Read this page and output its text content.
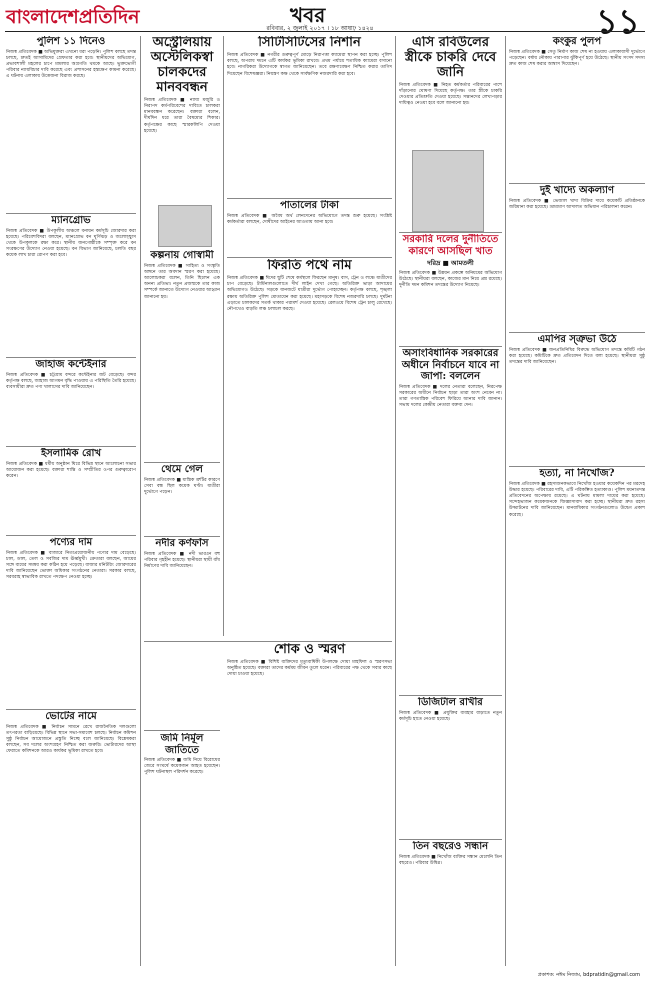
বাংলাদেশপ্রতিদিন	খবর
রবিবার, ২ জুলাই ২০১৭ । ১৮ আষাঢ় ১৪২৪	১১
পুলিশ ১১ দিনেও
নিজস্ব প্রতিবেদক ■ অভিযুক্তরা এখনো ধরা পড়েনি। পুলিশ বলছে তদন্ত চলছে, দ্রুতই আসামিদের গ্রেফতার করা হবে। স্থানীয়দের অভিযোগ, প্রভাবশালী মহলের চাপে মামলার অগ্রগতি থমকে আছে। ভুক্তভোগী পরিবার ন্যায়বিচার দাবি করেছে এবং প্রশাসনের হস্তক্ষেপ কামনা করেছে। এ ঘটনায় এলাকায় উত্তেজনা বিরাজ করছে।
ম্যানগ্রোভ
নিজস্ব প্রতিবেদক ■ উপকূলীয় অঞ্চলে বনায়ন কর্মসূচি জোরদার করা হয়েছে। পরিবেশবিদরা বলছেন, ম্যানগ্রোভ বন ঘূর্ণিঝড় ও জলোচ্ছ্বাস থেকে উপকূলকে রক্ষা করে। স্থানীয় জনগোষ্ঠীকে সম্পৃক্ত করে বন সংরক্ষণের উদ্যোগ নেওয়া হয়েছে। বন বিভাগ জানিয়েছে, চলতি বছর কয়েক লাখ চারা রোপণ করা হবে।
জাহাজ কন্টেইনার
নিজস্ব প্রতিবেদক ■ চট্টগ্রাম বন্দরে কন্টেইনার জট বেড়েছে। বন্দর কর্তৃপক্ষ বলছে, জাহাজ আগমন বৃদ্ধি পাওয়ায় এ পরিস্থিতি তৈরি হয়েছে। ব্যবসায়ীরা দ্রুত পণ্য খালাসের দাবি জানিয়েছেন।
ইসলামিক রোখ
নিজস্ব প্রতিবেদক ■ ধর্মীয় অনুষ্ঠান ঘিরে বিভিন্ন স্থানে আলোচনা সভার আয়োজন করা হয়েছে। বক্তারা শান্তি ও সম্প্রীতির ওপর গুরুত্বারোপ করেন।
পণ্যের দাম
নিজস্ব প্রতিবেদক ■ বাজারে নিত্যপ্রয়োজনীয় পণ্যের দাম বেড়েছে। চাল, ডাল, তেল ও সবজির দাম ঊর্ধ্বমুখী। ক্রেতারা বলছেন, আয়ের সঙ্গে ব্যয়ের সমন্বয় করা কঠিন হয়ে পড়েছে। বাজার মনিটরিং জোরদারের দাবি জানিয়েছেন ভোক্তা অধিকার সংগঠনের নেতারা। সরকার বলছে, সরবরাহ স্বাভাবিক রাখতে পদক্ষেপ নেওয়া হচ্ছে।
ভোটের নামে
নিজস্ব প্রতিবেদক ■ নির্বাচন সামনে রেখে রাজনৈতিক দলগুলো তৎপরতা বাড়িয়েছে। বিভিন্ন স্থানে সভা-সমাবেশ চলছে। নির্বাচন কমিশন সুষ্ঠু নির্বাচন আয়োজনে প্রস্তুতি নিচ্ছে বলে জানিয়েছে। বিশ্লেষকরা বলছেন, সব দলের অংশগ্রহণ নিশ্চিত করা জরুরি। ভোটারদের আস্থা ফেরাতে কমিশনকে আরও কার্যকর ভূমিকা রাখতে হবে।
অস্ট্রেলিয়ায় অস্টেলিকস্বা চালকদের মানববন্ধন
নিজস্ব প্রতিবেদক ■ ন্যায্য মজুরি ও নিরাপদ কর্মপরিবেশের দাবিতে চালকরা মানববন্ধন করেছেন। বক্তারা বলেন, দীর্ঘদিন ধরে তারা বৈষম্যের শিকার। কর্তৃপক্ষের কাছে স্মারকলিপি দেওয়া হয়েছে।
কল্পনায় গোস্বামী
নিজস্ব প্রতিবেদক ■ সাহিত্য ও সংস্কৃতি অঙ্গনে তার অবদান স্মরণ করা হয়েছে। আলোচকরা বলেন, তিনি ছিলেন এক অনন্য প্রতিভা। নতুন প্রজন্মকে তার কাজ সম্পর্কে জানাতে উদ্যোগ নেওয়ার আহ্বান জানানো হয়।
থেমে গেল
নিজস্ব প্রতিবেদক ■ যান্ত্রিক ত্রুটির কারণে সেবা বন্ধ ছিল কয়েক ঘণ্টা। যাত্রীরা দুর্ভোগে পড়েন।
নদীর কর্ণফাঁস
নিজস্ব প্রতিবেদক ■ নদী ভাঙনে বহু পরিবার গৃহহীন হয়েছে। স্থানীয়রা স্থায়ী বাঁধ নির্মাণের দাবি জানিয়েছেন।
জমি নির্মূল জাতিতে
নিজস্ব প্রতিবেদক ■ জমি নিয়ে বিরোধের জেরে সংঘর্ষে কয়েকজন আহত হয়েছেন। পুলিশ ঘটনাস্থল পরিদর্শন করেছে।
সিটিসিটিসের নিশান
নিজস্ব প্রতিবেদক ■ নগরীর গুরুত্বপূর্ণ মোড়ে নিরাপত্তা ক্যামেরা স্থাপন করা হচ্ছে। পুলিশ বলছে, অপরাধ দমনে এটি কার্যকর ভূমিকা রাখবে। প্রথম পর্যায়ে শতাধিক ক্যামেরা বসানো হবে। নাগরিকরা উদ্যোগকে স্বাগত জানিয়েছেন। তবে রক্ষণাবেক্ষণ নিশ্চিত করার তাগিদ দিয়েছেন বিশেষজ্ঞরা। নিয়ন্ত্রণ কক্ষ থেকে সার্বক্ষণিক নজরদারি করা হবে।
পাতালের টাকা
নিজস্ব প্রতিবেদক ■ অবৈধ অর্থ লেনদেনের অভিযোগে তদন্ত শুরু হয়েছে। সংশ্লিষ্ট কর্মকর্তারা বলছেন, দোষীদের আইনের আওতায় আনা হবে।
ফিরতি পথে নাম
নিজস্ব প্রতিবেদক ■ ঈদের ছুটি শেষে কর্মস্থলে ফিরছেন মানুষ। বাস, ট্রেন ও লঞ্চে যাত্রীদের চাপ বেড়েছে। টার্মিনালগুলোতে দীর্ঘ লাইন দেখা গেছে। অতিরিক্ত ভাড়া আদায়ের অভিযোগও উঠেছে। সড়কে যানজটে যাত্রীরা দুর্ভোগ পোহাচ্ছেন। কর্তৃপক্ষ বলছে, শৃঙ্খলা রক্ষায় অতিরিক্ত পুলিশ মোতায়েন করা হয়েছে। মহাসড়কে বিশেষ নজরদারি চলছে। দুর্ঘটনা এড়াতে চালকদের সতর্ক থাকার পরামর্শ দেওয়া হয়েছে। রেলওয়ে বিশেষ ট্রেন চালু রেখেছে। নৌপথেও বাড়তি লঞ্চ চলাচল করছে।
শোক ও স্মরণ
নিজস্ব প্রতিবেদক ■ বিশিষ্ট ব্যক্তিদের মৃত্যুবার্ষিকী উপলক্ষে দোয়া মাহফিল ও স্মরণসভা অনুষ্ঠিত হয়েছে। বক্তারা তাদের কর্মময় জীবন তুলে ধরেন। পরিবারের পক্ষ থেকে সবার কাছে দোয়া চাওয়া হয়েছে।
এসি রবিউলের স্ত্রীকে চাকরি দেবে জানি
নিজস্ব প্রতিবেদক ■ নিহত কর্মকর্তার পরিবারের পাশে দাঁড়ানোর ঘোষণা দিয়েছে কর্তৃপক্ষ। তার স্ত্রীকে চাকরি দেওয়ার প্রতিশ্রুতি দেওয়া হয়েছে। সন্তানদের লেখাপড়ার দায়িত্বও নেওয়া হবে বলে জানানো হয়।
সরকারি দলের দুর্নীতিতে কারণে আসছিল খাত
দরিদ্র ■ আমতলী
নিজস্ব প্রতিবেদক ■ উন্নয়ন প্রকল্পে অনিয়মের অভিযোগ উঠেছে। স্থানীয়রা বলছেন, কাজের মান নিয়ে প্রশ্ন রয়েছে। দুর্নীতি দমন কমিশন তদন্তের উদ্যোগ নিয়েছে।
অসাংবিধানিক সরকারের অধীনে নির্বাচনে যাবে না জাপা: বললেন
নিজস্ব প্রতিবেদক ■ দলের নেতারা বলেছেন, নিরপেক্ষ সরকারের অধীনে নির্বাচন ছাড়া তারা অংশ নেবেন না। তারা গণতান্ত্রিক পরিবেশ ফিরিয়ে আনার দাবি জানান। সভায় দলের কেন্দ্রীয় নেতারা বক্তব্য দেন।
ডিজিটাল রাখীর
নিজস্ব প্রতিবেদক ■ প্রযুক্তির ব্যবহার বাড়াতে নতুন কর্মসূচি হাতে নেওয়া হয়েছে।
তিন বছরেও সন্ধান
নিজস্ব প্রতিবেদক ■ নিখোঁজ ব্যক্তির সন্ধান মেলেনি তিন বছরেও। পরিবার উদ্বিগ্ন।
কংকুর পুলপ
নিজস্ব প্রতিবেদক ■ সেতু নির্মাণ কাজ শেষ না হওয়ায় এলাকাবাসী দুর্ভোগে পড়েছেন। বর্ষায় নৌকায় পারাপার ঝুঁকিপূর্ণ হয়ে উঠেছে। স্থানীয় সংসদ সদস্য দ্রুত কাজ শেষ করার আশ্বাস দিয়েছেন।
দুই খাদ্যে অকল্যাণ
নিজস্ব প্রতিবেদক ■ ভেজাল খাদ্য বিক্রির দায়ে কয়েকটি প্রতিষ্ঠানকে জরিমানা করা হয়েছে। ভ্রাম্যমাণ আদালত অভিযান পরিচালনা করেন।
এমপির স্ত্রুভা উঠে
নিজস্ব প্রতিবেদক ■ জনপ্রতিনিধির বিরুদ্ধে অভিযোগ তদন্তে কমিটি গঠন করা হয়েছে। কমিটিকে দ্রুত প্রতিবেদন দিতে বলা হয়েছে। স্থানীয়রা সুষ্ঠু তদন্তের দাবি জানিয়েছেন।
হত্যা, না নিখোঁজ?
নিজস্ব প্রতিবেদক ■ রহস্যজনকভাবে নিখোঁজ হওয়ার কয়েকদিন পর মরদেহ উদ্ধার হয়েছে। পরিবারের দাবি, এটি পরিকল্পিত হত্যাকাণ্ড। পুলিশ ময়নাতদন্ত প্রতিবেদনের অপেক্ষায় রয়েছে। এ ঘটনায় মামলা দায়ের করা হয়েছে। সন্দেহভাজন কয়েকজনকে জিজ্ঞাসাবাদ করা হচ্ছে। স্থানীয়রা দ্রুত রহস্য উদ্ঘাটনের দাবি জানিয়েছেন। মানবাধিকার সংগঠনগুলোও উদ্বেগ প্রকাশ করেছে।
প্রকাশক: নঈম নিজাম, bdpratidin@gmail.com
